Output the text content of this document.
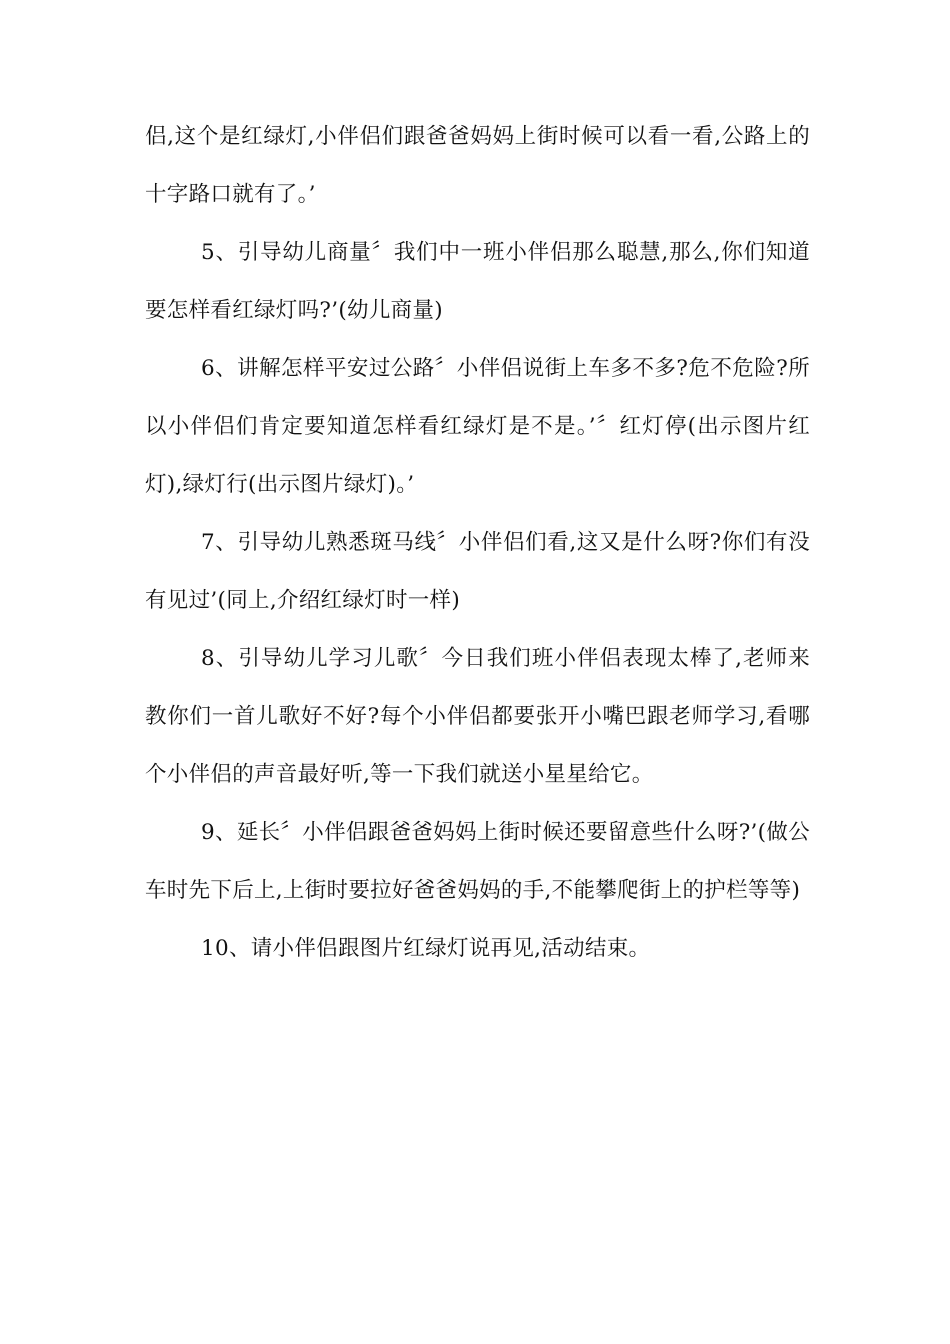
侣,这个是红绿灯,小伴侣们跟爸爸妈妈上街时候可以看一看,公路上的十字路口就有了。’

5、引导幼儿商量〞我们中一班小伴侣那么聪慧,那么,你们知道要怎样看红绿灯吗?’(幼儿商量)

6、讲解怎样平安过公路〞小伴侣说街上车多不多?危不危险?所以小伴侣们肯定要知道怎样看红绿灯是不是。’〞红灯停(出示图片红灯),绿灯行(出示图片绿灯)。’

7、引导幼儿熟悉斑马线〞小伴侣们看,这又是什么呀?你们有没有见过’(同上,介绍红绿灯时一样)

8、引导幼儿学习儿歌〞今日我们班小伴侣表现太棒了,老师来教你们一首儿歌好不好?每个小伴侣都要张开小嘴巴跟老师学习,看哪个小伴侣的声音最好听,等一下我们就送小星星给它。

9、延长〞小伴侣跟爸爸妈妈上街时候还要留意些什么呀?’(做公车时先下后上,上街时要拉好爸爸妈妈的手,不能攀爬街上的护栏等等)

10、请小伴侣跟图片红绿灯说再见,活动结束。
